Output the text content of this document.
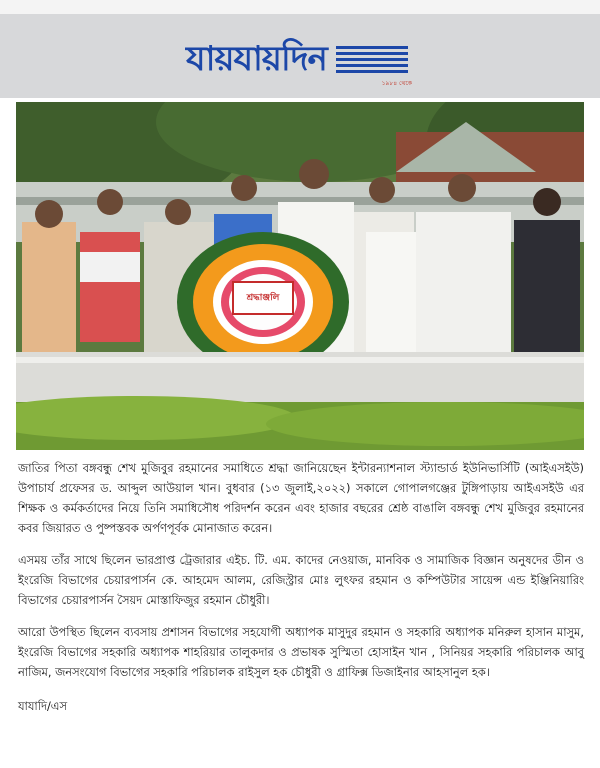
যায়যায়দিন
১৯৮৪ থেকে
শ্রদ্ধাঞ্জলি

জাতির পিতা বঙ্গবন্ধু শেখ মুজিবুর রহমানের সমাধিতে শ্রদ্ধা জানিয়েছেন ইন্টারন্যাশনাল স্ট্যান্ডার্ড ইউনিভার্সিটি (আইএসইউ) উপাচার্য প্রফেসর ড. আব্দুল আউয়াল খান। বুধবার (১৩ জুলাই,২০২২) সকালে গোপালগঞ্জের টুঙ্গিপাড়ায় আইএসইউ এর শিক্ষক ও কর্মকর্তাদের নিয়ে তিনি সমাধিসৌধ পরিদর্শন করেন এবং হাজার বছরের শ্রেষ্ঠ বাঙালি বঙ্গবন্ধু শেখ মুজিবুর রহমানের কবর জিয়ারত ও পুষ্পস্তবক অর্পণপূর্বক মোনাজাত করেন।

এসময় তাঁর সাথে ছিলেন ভারপ্রাপ্ত ট্রেজারার এইচ. টি. এম. কাদের নেওয়াজ, মানবিক ও সামাজিক বিজ্ঞান অনুষদের ডীন ও ইংরেজি বিভাগের চেয়ারপার্সন কে. আহমেদ আলম, রেজিস্ট্রার মোঃ লুৎফর রহমান ও কম্পিউটার সায়েন্স এন্ড ইঞ্জিনিয়ারিং বিভাগের চেয়ারপার্সন সৈয়দ মোস্তাফিজুর রহমান চৌধুরী।

আরো উপস্থিত ছিলেন ব্যবসায় প্রশাসন বিভাগের সহযোগী অধ্যাপক মাসুদুর রহমান ও সহকারি অধ্যাপক মনিরুল হাসান মাসুম, ইংরেজি বিভাগের সহকারি অধ্যাপক শাহরিয়ার তালুকদার ও প্রভাষক সুস্মিতা হোসাইন খান , সিনিয়র সহকারি পরিচালক আবু নাজিম, জনসংযোগ বিভাগের সহকারি পরিচালক রাইসুল হক চৌধুরী ও গ্রাফিক্স ডিজাইনার আহসানুল হক।

যাযাদি/এস
